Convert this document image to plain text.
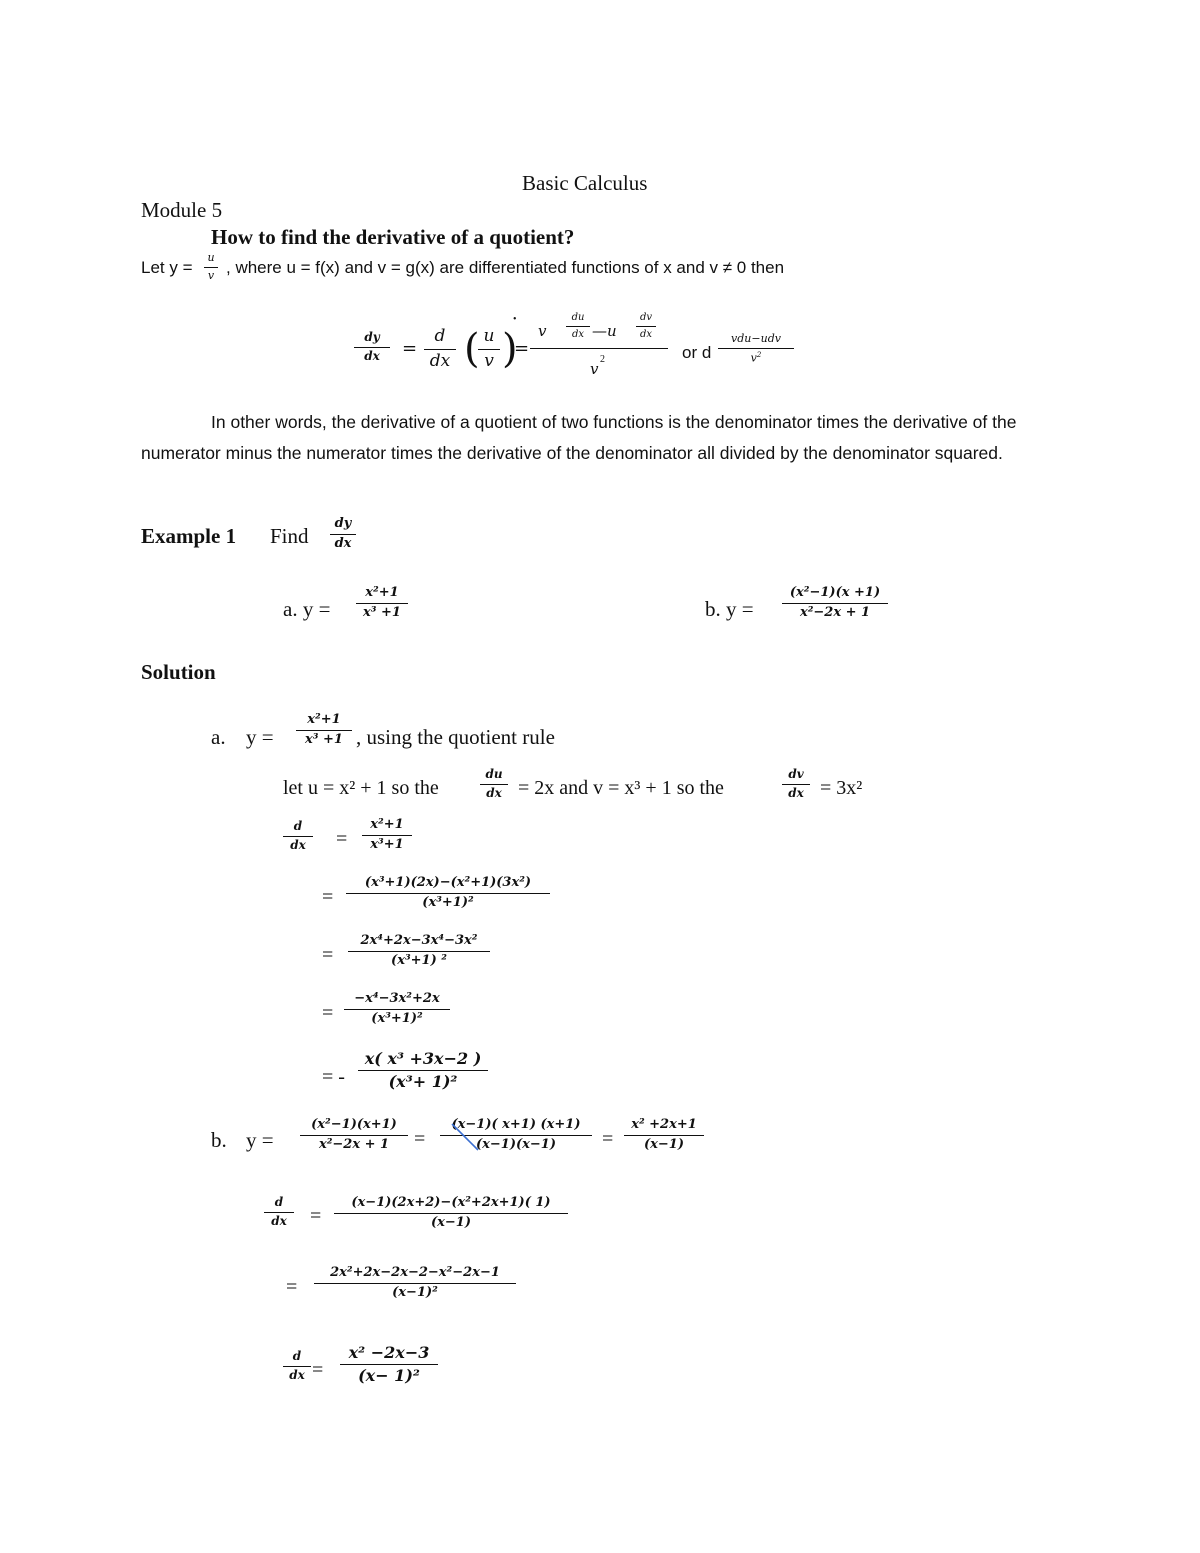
Basic Calculus
Module 5
How to find the derivative of a quotient?
Let y =
u
v , where u = f(x) and v = g(x) are differentiated functions of x and v ≠ 0 then
dy
dx =
d
dx ( u
v )
•
=
v
du
dx —u
dv
dx
v
2	or d
vdu−udv
$v^2$
In other words, the derivative of a quotient of two functions is the denominator times the derivative of the numerator minus the numerator times the derivative of the denominator all divided by the denominator squared.
Example 1 Find
dy
dx
a. y =
x²+1
x³ +1	b. y =
(x²−1)(x +1)
x²−2x + 1
Solution
a. y =
x²+1
x³ +1 , using the quotient rule
let u = x² + 1 so the
du
dx = 2x and v = x³ + 1 so the
dv
dx = 3x²
d
dx =
x²+1
x³+1
=
(x³+1)(2x)−(x²+1)(3x²)
(x³+1)²
=
2x⁴+2x−3x⁴−3x²
(x³+1) ²
=
−x⁴−3x²+2x
(x³+1)²
= -
x( x³ +3x−2 )
(x³+ 1)²
b. y =
(x²−1)(x+1)
x²−2x + 1 =
(x−1)( x+1) (x+1)
(x−1)(x−1) =
x² +2x+1
(x−1)
d
dx =
(x−1)(2x+2)−(x²+2x+1)( 1)
(x−1)
=
2x²+2x−2x−2−x²−2x−1
(x−1)²
d
dx =
x² −2x−3
(x− 1)²
